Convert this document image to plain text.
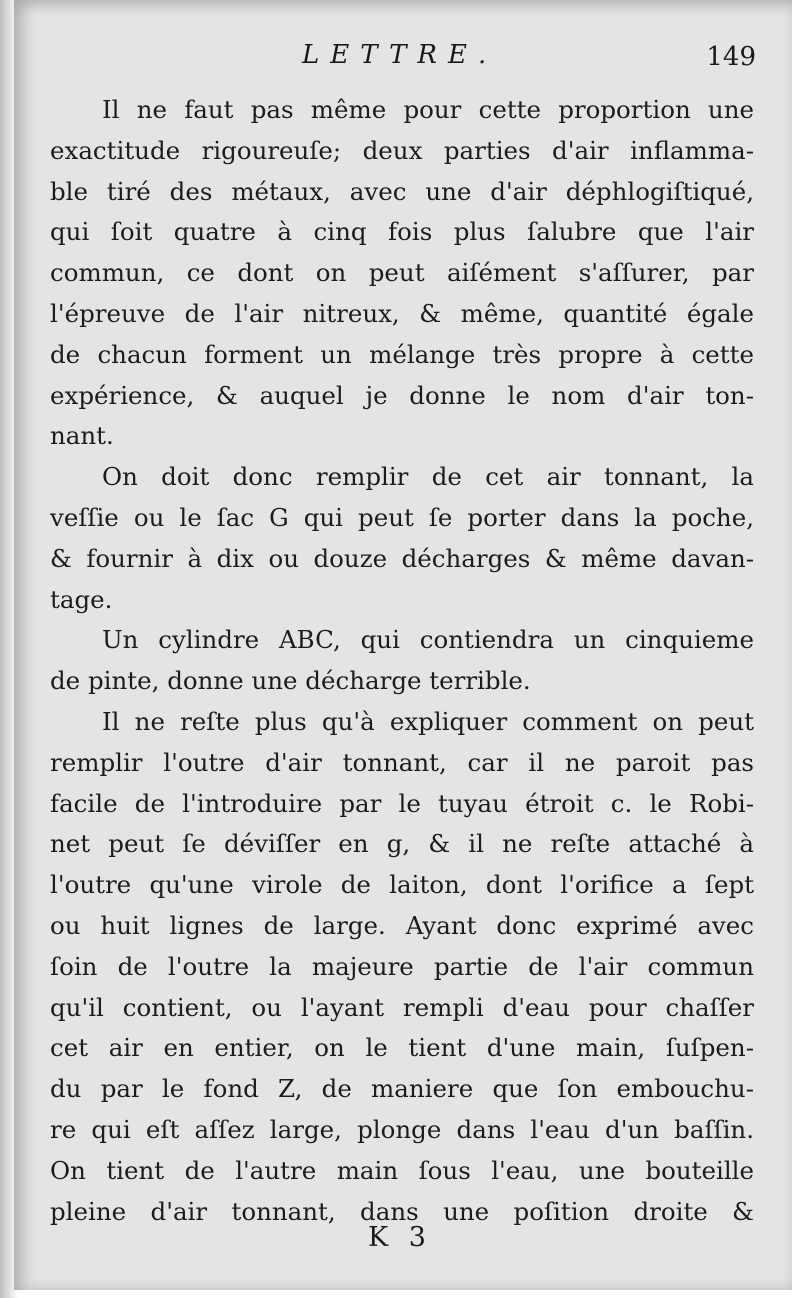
LETTRE.	149
Il ne faut pas même pour cette proportion une
exactitude rigoureuſe; deux parties d'air inflamma-
ble tiré des métaux, avec une d'air déphlogiſtiqué,
qui ſoit quatre à cinq fois plus ſalubre que l'air
commun, ce dont on peut aiſément s'aſſurer, par
l'épreuve de l'air nitreux, & même, quantité égale
de chacun forment un mélange très propre à cette
expérience, & auquel je donne le nom d'air ton-
nant.
On doit donc remplir de cet air tonnant, la
veſſie ou le ſac G qui peut ſe porter dans la poche,
& fournir à dix ou douze décharges & même davan-
tage.
Un cylindre ABC, qui contiendra un cinquieme
de pinte, donne une décharge terrible.
Il ne reſte plus qu'à expliquer comment on peut
remplir l'outre d'air tonnant, car il ne paroit pas
facile de l'introduire par le tuyau étroit c. le Robi-
net peut ſe déviſſer en g, & il ne reſte attaché à
l'outre qu'une virole de laiton, dont l'orifice a ſept
ou huit lignes de large. Ayant donc exprimé avec
ſoin de l'outre la majeure partie de l'air commun
qu'il contient, ou l'ayant rempli d'eau pour chaſſer
cet air en entier, on le tient d'une main, ſuſpen-
du par le fond Z, de maniere que ſon embouchu-
re qui eſt aſſez large, plonge dans l'eau d'un baſſin.
On tient de l'autre main ſous l'eau, une bouteille
pleine d'air tonnant, dans une poſition droite &
K 3
